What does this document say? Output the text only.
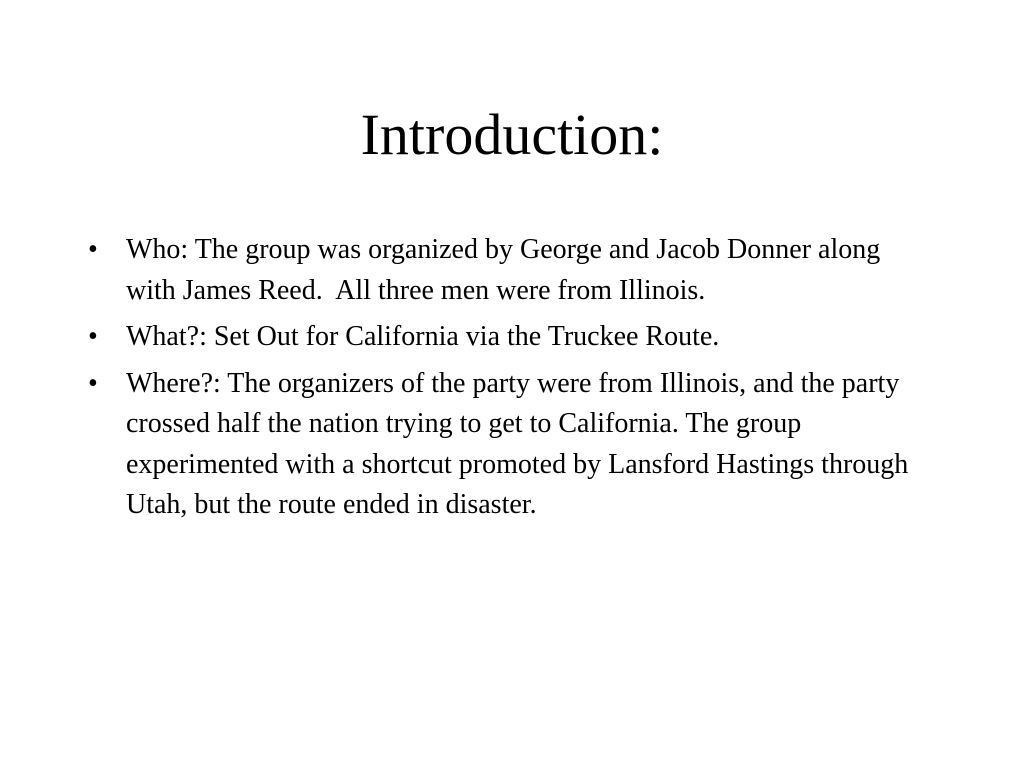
Introduction:
•	Who: The group was organized by George and Jacob Donner along with James Reed.  All three men were from Illinois.
•	What?: Set Out for California via the Truckee Route.
•	Where?: The organizers of the party were from Illinois, and the party crossed half the nation trying to get to California. The group experimented with a shortcut promoted by Lansford Hastings through Utah, but the route ended in disaster.
